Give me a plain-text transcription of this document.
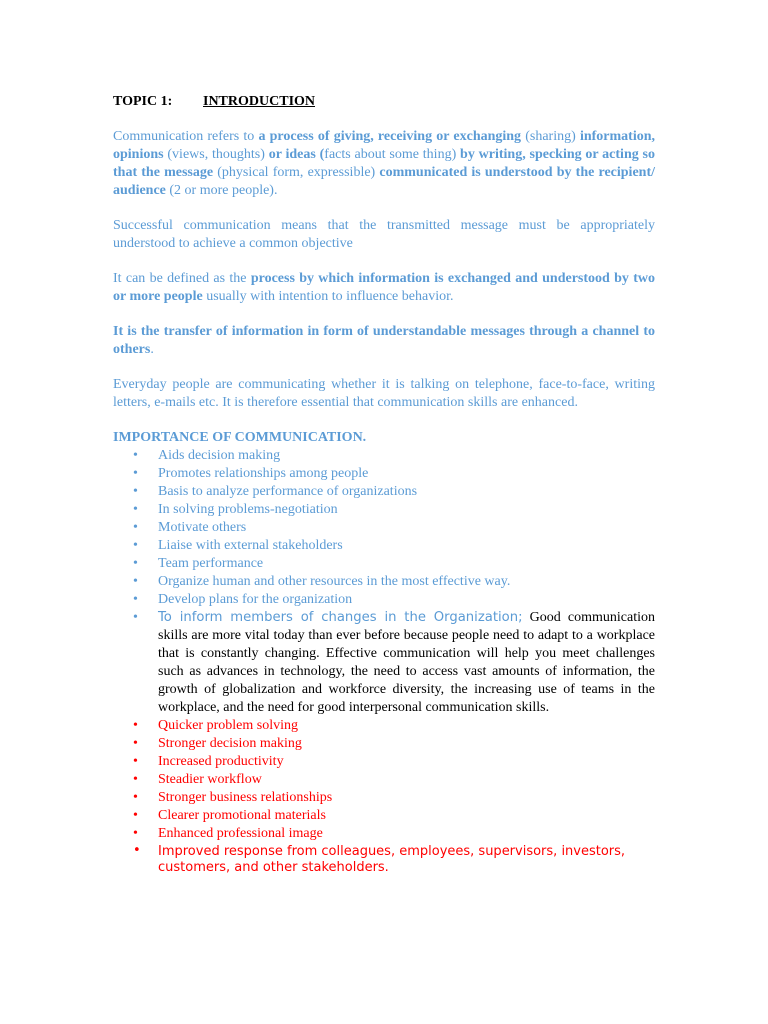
TOPIC 1: INTRODUCTION

Communication refers to a process of giving, receiving or exchanging (sharing) information, opinions (views, thoughts) or ideas (facts about some thing) by writing, specking or acting so that the message (physical form, expressible) communicated is understood by the recipient/ audience (2 or more people).

Successful communication means that the transmitted message must be appropriately understood to achieve a common objective

It can be defined as the process by which information is exchanged and understood by two or more people usually with intention to influence behavior.

It is the transfer of information in form of understandable messages through a channel to others.

Everyday people are communicating whether it is talking on telephone, face-to-face, writing letters, e-mails etc. It is therefore essential that communication skills are enhanced.

IMPORTANCE OF COMMUNICATION.

• Aids decision making
• Promotes relationships among people
• Basis to analyze performance of organizations
• In solving problems-negotiation
• Motivate others
• Liaise with external stakeholders
• Team performance
• Organize human and other resources in the most effective way.
• Develop plans for the organization
• To inform members of changes in the Organization; Good communication skills are more vital today than ever before because people need to adapt to a workplace that is constantly changing. Effective communication will help you meet challenges such as advances in technology, the need to access vast amounts of information, the growth of globalization and workforce diversity, the increasing use of teams in the workplace, and the need for good interpersonal communication skills.
• Quicker problem solving
• Stronger decision making
• Increased productivity
• Steadier workflow
• Stronger business relationships
• Clearer promotional materials
• Enhanced professional image
• Improved response from colleagues, employees, supervisors, investors, customers, and other stakeholders.
